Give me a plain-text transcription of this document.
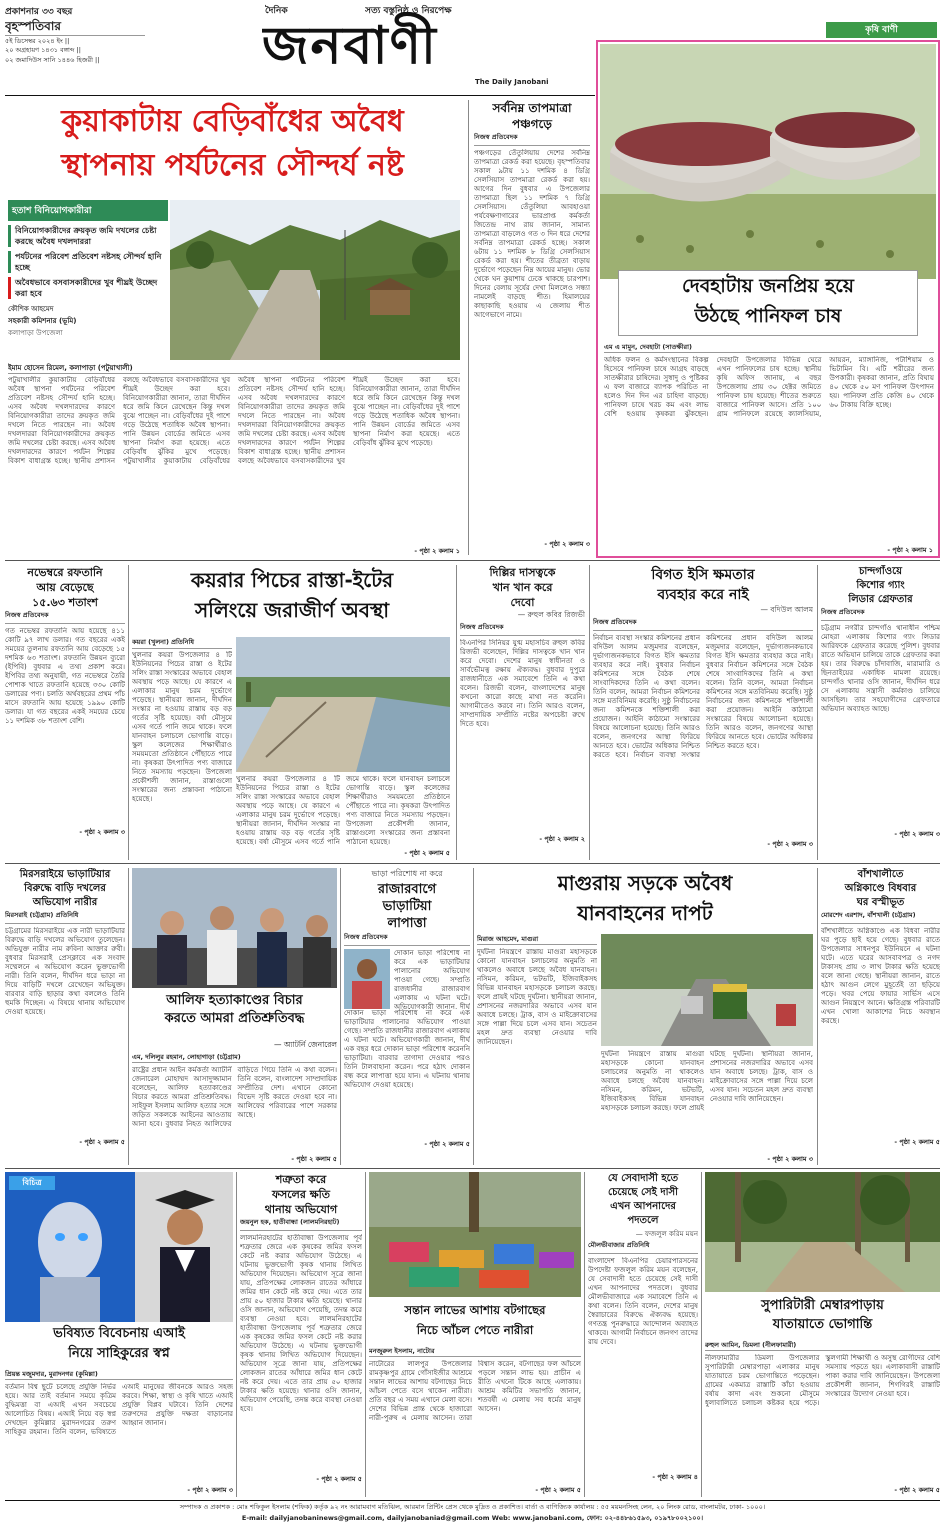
প্রকাশনার ৩৩ বছর
বৃহস্পতিবার
৫ই ডিসেম্বর ২০২৪ ইং ||
২০ অগ্রহায়ণ ১৪৩১ বঙ্গাব্দ ||
০২ জমাদিউস সানি ১৪৪৬ হিজরী ||
দৈনিক	সত্য বস্তুনিষ্ঠ ও নিরপেক্ষ
জনবাণী
The Daily Janobani
কৃষি বাণী
কুয়াকাটায় বেড়িবাঁধের অবৈধ
স্থাপনায় পর্যটনের সৌন্দর্য নষ্ট
হতাশ বিনিয়োগকারীরা
বিনিয়োগকারীদের ক্রয়কৃত জমি দখলের চেষ্টা করছে অবৈধ দখলদাররা
পর্যটনের পরিবেশ প্রতিবেশ নষ্টসহ সৌন্দর্য হানি হচ্ছে
অবৈধভাবে বসবাসকারীদের খুব শীঘ্রই উচ্ছেদ করা হবে
কৌশিক আহমেদ
সহকারী কমিশনার (ভূমি)
কলাপাড়া উপজেলা
ইমাম হোসেন রিমেল, কলাপাড়া (পটুয়াখালী)
পটুয়াখালীর কুয়াকাটায় বেড়িবাঁধের অবৈধ স্থাপনা পর্যটনের পরিবেশ প্রতিবেশ নষ্টসহ সৌন্দর্য হানি হচ্ছে। এসব অবৈধ দখলদারদের কারণে বিনিয়োগকারীরা তাদের ক্রয়কৃত জমি দখলে নিতে পারছেন না। অবৈধ দখলদাররা বিনিয়োগকারীদের ক্রয়কৃত জমি দখলের চেষ্টা করছে। এসব অবৈধ দখলদারদের কারণে পর্যটন শিল্পের বিকাশ বাধাগ্রস্ত হচ্ছে। স্থানীয় প্রশাসন বলছে অবৈধভাবে বসবাসকারীদের খুব শীঘ্রই উচ্ছেদ করা হবে। বিনিয়োগকারীরা জানান, তারা দীর্ঘদিন ধরে জমি কিনে রেখেছেন কিন্তু দখল বুঝে পাচ্ছেন না। বেড়িবাঁধের দুই পাশে গড়ে উঠেছে শতাধিক অবৈধ স্থাপনা। পানি উন্নয়ন বোর্ডের জমিতে এসব স্থাপনা নির্মাণ করা হয়েছে। এতে বেড়িবাঁধ ঝুঁকির মুখে পড়েছে। পটুয়াখালীর কুয়াকাটায় বেড়িবাঁধের অবৈধ স্থাপনা পর্যটনের পরিবেশ প্রতিবেশ নষ্টসহ সৌন্দর্য হানি হচ্ছে। এসব অবৈধ দখলদারদের কারণে বিনিয়োগকারীরা তাদের ক্রয়কৃত জমি দখলে নিতে পারছেন না। অবৈধ দখলদাররা বিনিয়োগকারীদের ক্রয়কৃত জমি দখলের চেষ্টা করছে। এসব অবৈধ দখলদারদের কারণে পর্যটন শিল্পের বিকাশ বাধাগ্রস্ত হচ্ছে। স্থানীয় প্রশাসন বলছে অবৈধভাবে বসবাসকারীদের খুব শীঘ্রই উচ্ছেদ করা হবে। বিনিয়োগকারীরা জানান, তারা দীর্ঘদিন ধরে জমি কিনে রেখেছেন কিন্তু দখল বুঝে পাচ্ছেন না। বেড়িবাঁধের দুই পাশে গড়ে উঠেছে শতাধিক অবৈধ স্থাপনা। পানি উন্নয়ন বোর্ডের জমিতে এসব স্থাপনা নির্মাণ করা হয়েছে। এতে বেড়িবাঁধ ঝুঁকির মুখে পড়েছে।
- পৃষ্ঠা ২ কলাম ১
সর্বনিম্ন তাপমাত্রা
পঞ্চগড়ে
নিজস্ব প্রতিবেদক
পঞ্চগড়ের তেঁতুলিয়ায় দেশের সর্বনিম্ন তাপমাত্রা রেকর্ড করা হয়েছে। বৃহস্পতিবার সকাল ৯টায় ১১ দশমিক ৪ ডিগ্রি সেলসিয়াস তাপমাত্রা রেকর্ড করা হয়। আগের দিন বুধবার এ উপজেলার তাপমাত্রা ছিল ১১ দশমিক ৭ ডিগ্রি সেলসিয়াস। তেঁতুলিয়া আবহাওয়া পর্যবেক্ষণাগারের ভারপ্রাপ্ত কর্মকর্তা জিতেন্দ্র নাথ রায় জানান, সামান্য তাপমাত্রা বাড়লেও গত ৩ দিন ধরে দেশের সর্বনিম্ন তাপমাত্রা রেকর্ড হচ্ছে। সকাল ৬টায় ১১ দশমিক ৮ ডিগ্রি সেলসিয়াস রেকর্ড করা হয়। শীতের তীব্রতা বাড়ায় দুর্ভোগে পড়েছেন নিম্ন আয়ের মানুষ। ভোর থেকে ঘন কুয়াশায় ঢেকে থাকছে চারপাশ। দিনের বেলায় সূর্যের দেখা মিললেও সন্ধ্যা নামলেই বাড়ছে শীত। হিমালয়ের কাছাকাছি হওয়ায় এ জেলায় শীত আগেভাগে নামে।
- পৃষ্ঠা ২ কলাম ৩
দেবহাটায় জনপ্রিয় হয়ে
উঠছে পানিফল চাষ
এম এ মামুন, দেবহাটা (সাতক্ষীরা)
অধিক ফলন ও কর্মসংস্থানের বিকল্প হিসেবে পানিফল চাষে আগ্রহ বাড়ছে সাতক্ষীরার চাষিদের। সুস্বাদু ও পুষ্টিকর এ ফল বাজারে ব্যাপক পরিচিত না হলেও দিন দিন এর চাহিদা বাড়ছে। পানিফল চাষে খরচ কম এবং লাভ বেশি হওয়ায় কৃষকরা ঝুঁকছেন। দেবহাটা উপজেলার বিভিন্ন ঘেরে এখন পানিফলের চাষ হচ্ছে। স্থানীয় কৃষি অফিস জানায়, এ বছর উপজেলায় প্রায় ৩০ হেক্টর জমিতে পানিফল চাষ হয়েছে। শীতের শুরুতে বাজারে পানিফল আসে। প্রতি ১০০ গ্রাম পানিফলে রয়েছে ক্যালসিয়াম, আয়রন, ম্যাঙ্গানিজ, পটাশিয়াম ও ভিটামিন বি। এটি শরীরের জন্য উপকারী। কৃষকরা জানান, প্রতি বিঘায় ৪০ থেকে ৫০ মণ পানিফল উৎপাদন হয়। পানিফল প্রতি কেজি ৪০ থেকে ৬০ টাকায় বিক্রি হচ্ছে।
- পৃষ্ঠা ২ কলাম ১
নভেম্বরে রফতানি
আয় বেড়েছে
১৫.৬৩ শতাংশ
নিজস্ব প্রতিবেদক
গত নভেম্বর রফতানি আয় হয়েছে ৪১১ কোটি ৯৭ লাখ ডলার। গত বছরের একই সময়ের তুলনায় রফতানি আয় বেড়েছে ১৫ দশমিক ৬৩ শতাংশ। রফতানি উন্নয়ন ব্যুরো (ইপিবি) বুধবার এ তথ্য প্রকাশ করে। ইপিবির তথ্য অনুযায়ী, গত নভেম্বরে তৈরি পোশাক খাতে রফতানি হয়েছে ৩৩০ কোটি ডলারের পণ্য। চলতি অর্থবছরের প্রথম পাঁচ মাসে রফতানি আয় হয়েছে ১৯৯০ কোটি ডলার। যা গত বছরের একই সময়ের চেয়ে ১১ দশমিক ৩৮ শতাংশ বেশি।
- পৃষ্ঠা ২ কলাম ৩
কয়রার পিচের রাস্তা-ইটের
সলিংয়ে জরাজীর্ণ অবস্থা
কয়রা (খুলনা) প্রতিনিধি
খুলনার কয়রা উপজেলার ৪ টি ইউনিয়নের পিচের রাস্তা ও ইটের সলিং রাস্তা সংস্কারের অভাবে বেহাল অবস্থায় পড়ে আছে। যে কারণে এ এলাকার মানুষ চরম দুর্ভোগে পড়েছে। স্থানীয়রা জানান, দীর্ঘদিন সংস্কার না হওয়ায় রাস্তায় বড় বড় গর্তের সৃষ্টি হয়েছে। বর্ষা মৌসুমে এসব গর্তে পানি জমে থাকে। ফলে যানবাহন চলাচলে ভোগান্তি বাড়ে। স্কুল কলেজের শিক্ষার্থীরাও সময়মতো প্রতিষ্ঠানে পৌঁছাতে পারে না। কৃষকরা উৎপাদিত পণ্য বাজারে নিতে সমস্যায় পড়ছেন। উপজেলা প্রকৌশলী জানান, রাস্তাগুলো সংস্কারের জন্য প্রস্তাবনা পাঠানো হয়েছে।
খুলনার কয়রা উপজেলার ৪ টি ইউনিয়নের পিচের রাস্তা ও ইটের সলিং রাস্তা সংস্কারের অভাবে বেহাল অবস্থায় পড়ে আছে। যে কারণে এ এলাকার মানুষ চরম দুর্ভোগে পড়েছে। স্থানীয়রা জানান, দীর্ঘদিন সংস্কার না হওয়ায় রাস্তায় বড় বড় গর্তের সৃষ্টি হয়েছে। বর্ষা মৌসুমে এসব গর্তে পানি জমে থাকে। ফলে যানবাহন চলাচলে ভোগান্তি বাড়ে। স্কুল কলেজের শিক্ষার্থীরাও সময়মতো প্রতিষ্ঠানে পৌঁছাতে পারে না। কৃষকরা উৎপাদিত পণ্য বাজারে নিতে সমস্যায় পড়ছেন। উপজেলা প্রকৌশলী জানান, রাস্তাগুলো সংস্কারের জন্য প্রস্তাবনা পাঠানো হয়েছে।
- পৃষ্ঠা ২ কলাম ৫
দিল্লির দাসত্বকে
খান খান করে
দেবো
— রুহুল কবির রিজভী
নিজস্ব প্রতিবেদক
বিএনপির সিনিয়র যুগ্ম মহাসচিব রুহুল কবির রিজভী বলেছেন, দিল্লির দাসত্বকে খান খান করে দেবো। দেশের মানুষ স্বাধীনতা ও সার্বভৌমত্ব রক্ষায় ঐক্যবদ্ধ। বুধবার দুপুরে রাজধানীতে এক সমাবেশে তিনি এ কথা বলেন। রিজভী বলেন, বাংলাদেশের মানুষ কখনো কারো কাছে মাথা নত করেনি। আগামীতেও করবে না। তিনি আরও বলেন, সাম্প্রদায়িক সম্প্রীতি নষ্টের অপচেষ্টা রুখে দিতে হবে।
- পৃষ্ঠা ২ কলাম ২
বিগত ইসি ক্ষমতার
ব্যবহার করে নাই
— বদিউল আলম
নিজস্ব প্রতিবেদক
নির্বাচন ব্যবস্থা সংস্কার কমিশনের প্রধান বদিউল আলম মজুমদার বলেছেন, দুর্ভাগ্যজনকভাবে বিগত ইসি ক্ষমতার ব্যবহার করে নাই। বুধবার নির্বাচন কমিশনের সঙ্গে বৈঠক শেষে সাংবাদিকদের তিনি এ কথা বলেন। তিনি বলেন, আমরা নির্বাচন কমিশনের সঙ্গে মতবিনিময় করেছি। সুষ্ঠু নির্বাচনের জন্য কমিশনকে শক্তিশালী করা প্রয়োজন। আইনি কাঠামো সংস্কারের বিষয়ে আলোচনা হয়েছে। তিনি আরও বলেন, জনগণের আস্থা ফিরিয়ে আনতে হবে। ভোটের অধিকার নিশ্চিত করতে হবে। নির্বাচন ব্যবস্থা সংস্কার কমিশনের প্রধান বদিউল আলম মজুমদার বলেছেন, দুর্ভাগ্যজনকভাবে বিগত ইসি ক্ষমতার ব্যবহার করে নাই। বুধবার নির্বাচন কমিশনের সঙ্গে বৈঠক শেষে সাংবাদিকদের তিনি এ কথা বলেন। তিনি বলেন, আমরা নির্বাচন কমিশনের সঙ্গে মতবিনিময় করেছি। সুষ্ঠু নির্বাচনের জন্য কমিশনকে শক্তিশালী করা প্রয়োজন। আইনি কাঠামো সংস্কারের বিষয়ে আলোচনা হয়েছে। তিনি আরও বলেন, জনগণের আস্থা ফিরিয়ে আনতে হবে। ভোটের অধিকার নিশ্চিত করতে হবে।
- পৃষ্ঠা ২ কলাম ৩
চান্দগাঁওয়ে
কিশোর গ্যাং
লিডার গ্রেফতার
নিজস্ব প্রতিবেদক
চট্টগ্রাম নগরীর চান্দগাঁও থানাধীন পশ্চিম মোহরা এলাকায় কিশোর গ্যাং লিডার আরিফকে গ্রেফতার করেছে পুলিশ। বুধবার রাতে অভিযান চালিয়ে তাকে গ্রেফতার করা হয়। তার বিরুদ্ধে চাঁদাবাজি, মারামারি ও ছিনতাইয়ের একাধিক মামলা রয়েছে। চান্দগাঁও থানার ওসি জানান, দীর্ঘদিন ধরে সে এলাকায় সন্ত্রাসী কর্মকাণ্ড চালিয়ে আসছিল। তার সহযোগীদের গ্রেফতারে অভিযান অব্যাহত আছে।
- পৃষ্ঠা ২ কলাম ৩
মিরসরাইয়ে ভাড়াটিয়ার
বিরুদ্ধে বাড়ি দখলের
অভিযোগ নারীর
মিরসরাই (চট্টগ্রাম) প্রতিনিধি
চট্টগ্রামের মিরসরাইয়ে এক নারী ভাড়াটিয়ার বিরুদ্ধে বাড়ি দখলের অভিযোগ তুলেছেন। অভিযুক্ত নারীর নাম রুবিনা আক্তার রুবী। বুধবার মিরসরাই প্রেসক্লাবে এক সংবাদ সম্মেলনে এ অভিযোগ করেন ভুক্তভোগী নারী। তিনি বলেন, দীর্ঘদিন ধরে ভাড়া না দিয়ে বাড়িটি দখলে রেখেছেন অভিযুক্ত। বারবার বাড়ি ছাড়ার কথা বললেও তিনি হুমকি দিচ্ছেন। এ বিষয়ে থানায় অভিযোগ দেওয়া হয়েছে।
- পৃষ্ঠা ২ কলাম ৫
আলিফ হত্যাকাণ্ডের বিচার
করতে আমরা প্রতিশ্রুতিবদ্ধ
— অ্যাটর্নি জেনারেল
এম, দলিলুর রহমান, লোহাগাড়া (চট্টগ্রাম)
রাষ্ট্রের প্রধান আইন কর্মকর্তা অ্যাটর্নি জেনারেল মোহাম্মদ আসাদুজ্জামান বলেছেন, আলিফ হত্যাকাণ্ডের বিচার করতে আমরা প্রতিশ্রুতিবদ্ধ। সাইফুল ইসলাম আলিফ হত্যার সঙ্গে জড়িত সকলকে আইনের আওতায় আনা হবে। বুধবার নিহত আলিফের বাড়িতে গিয়ে তিনি এ কথা বলেন। তিনি বলেন, বাংলাদেশ সাম্প্রদায়িক সম্প্রীতির দেশ। এখানে কোনো বিভেদ সৃষ্টি করতে দেওয়া হবে না। আলিফের পরিবারের পাশে সরকার আছে।
- পৃষ্ঠা ২ কলাম ৫
ভাড়া পরিশোধ না করে
রাজারবাগে
ভাড়াটিয়া
লাপাত্তা
নিজস্ব প্রতিবেদক
দোকান ভাড়া পরিশোধ না করে এক ভাড়াটিয়ার পালানোর অভিযোগ পাওয়া গেছে। সম্প্রতি রাজধানীর রাজারবাগ এলাকায় এ ঘটনা ঘটে। অভিযোগকারী জানান, দীর্ঘ
দোকান ভাড়া পরিশোধ না করে এক ভাড়াটিয়ার পালানোর অভিযোগ পাওয়া গেছে। সম্প্রতি রাজধানীর রাজারবাগ এলাকায় এ ঘটনা ঘটে। অভিযোগকারী জানান, দীর্ঘ এক বছর ধরে দোকান ভাড়া পরিশোধ করেননি ভাড়াটিয়া। বারবার তাগাদা দেওয়ার পরও তিনি টালবাহানা করেন। পরে হঠাৎ দোকান বন্ধ করে লাপাত্তা হয়ে যান। এ ঘটনায় থানায় অভিযোগ দেওয়া হয়েছে।
- পৃষ্ঠা ২ কলাম ৫
মাগুরায় সড়কে অবৈধ
যানবাহনের দাপট
মিরাজ আহমেদ, মাগুরা
দুর্ঘটনা নিয়ন্ত্রণে রাস্তায় মাগুরা মহাসড়কে কোনো যানবাহন চলাচলের অনুমতি না থাকলেও অবাধে চলছে অবৈধ যানবাহন। নসিমন, করিমন, ভটভটি, ইজিবাইকসহ বিভিন্ন যানবাহন মহাসড়কে চলাচল করছে। ফলে প্রায়ই ঘটছে দুর্ঘটনা। স্থানীয়রা জানান, প্রশাসনের নজরদারির অভাবে এসব যান অবাধে চলছে। ট্রাক, বাস ও মাইক্রোবাসের সঙ্গে পাল্লা দিয়ে চলে এসব যান। সচেতন মহল দ্রুত ব্যবস্থা নেওয়ার দাবি জানিয়েছেন।
দুর্ঘটনা নিয়ন্ত্রণে রাস্তায় মাগুরা মহাসড়কে কোনো যানবাহন চলাচলের অনুমতি না থাকলেও অবাধে চলছে অবৈধ যানবাহন। নসিমন, করিমন, ভটভটি, ইজিবাইকসহ বিভিন্ন যানবাহন মহাসড়কে চলাচল করছে। ফলে প্রায়ই ঘটছে দুর্ঘটনা। স্থানীয়রা জানান, প্রশাসনের নজরদারির অভাবে এসব যান অবাধে চলছে। ট্রাক, বাস ও মাইক্রোবাসের সঙ্গে পাল্লা দিয়ে চলে এসব যান। সচেতন মহল দ্রুত ব্যবস্থা নেওয়ার দাবি জানিয়েছেন।
- পৃষ্ঠা ২ কলাম ৩
বাঁশখালীতে
অগ্নিকাণ্ডে বিধবার
ঘর বস্মীভূত
মোরশেদ এরশাদ, বাঁশখালী (চট্টগ্রাম)
বাঁশখালীতে অগ্নিকাণ্ডে এক বিধবা নারীর ঘর পুড়ে ছাই হয়ে গেছে। বুধবার রাতে উপজেলার সাধনপুর ইউনিয়নে এ ঘটনা ঘটে। এতে ঘরের আসবাবপত্র ও নগদ টাকাসহ প্রায় ৩ লাখ টাকার ক্ষতি হয়েছে বলে জানা গেছে। স্থানীয়রা জানান, রাতে হঠাৎ আগুন লেগে মুহূর্তেই তা ছড়িয়ে পড়ে। খবর পেয়ে ফায়ার সার্ভিস এসে আগুন নিয়ন্ত্রণে আনে। ক্ষতিগ্রস্ত পরিবারটি এখন খোলা আকাশের নিচে অবস্থান করছে।
- পৃষ্ঠা ২ কলাম ৫
বিচিত্র
ভবিষ্যত বিবেচনায় এআই
নিয়ে সাহিকুরের স্বপ্ন
প্রিয়ন্ত মজুমদার, মুরাদনগর (কুমিল্লা)
বর্তমান বিশ্ব ছুটে চলেছে প্রযুক্তি নির্ভর হয়ে। আর তাই বর্তমান সময়ে কৃত্রিম বুদ্ধিমত্তা বা এআই এখন সবচেয়ে আলোচিত বিষয়। এআই নিয়ে বড় স্বপ্ন দেখছেন কুমিল্লার মুরাদনগরের তরুণ সাহিকুর রহমান। তিনি বলেন, ভবিষ্যতে এআই মানুষের জীবনকে আরও সহজ করবে। শিক্ষা, স্বাস্থ্য ও কৃষি খাতে এআই প্রযুক্তি বিপ্লব ঘটাবে। তিনি দেশের তরুণদের প্রযুক্তি দক্ষতা বাড়ানোর আহ্বান জানান।
- পৃষ্ঠা ২ কলাম ৩
শত্রুতা করে
ফসলের ক্ষতি
থানায় অভিযোগ
জয়নুল হক, হাতীবান্ধা (লালমনিরহাট)
লালমনিরহাটের হাতীবান্ধা উপজেলায় পূর্ব শত্রুতার জেরে এক কৃষকের জমির ফসল কেটে নষ্ট করার অভিযোগ উঠেছে। এ ঘটনায় ভুক্তভোগী কৃষক থানায় লিখিত অভিযোগ দিয়েছেন। অভিযোগ সূত্রে জানা যায়, প্রতিপক্ষের লোকজন রাতের আঁধারে জমির ধান কেটে নষ্ট করে দেয়। এতে তার প্রায় ৫০ হাজার টাকার ক্ষতি হয়েছে। থানার ওসি জানান, অভিযোগ পেয়েছি, তদন্ত করে ব্যবস্থা নেওয়া হবে। লালমনিরহাটের হাতীবান্ধা উপজেলায় পূর্ব শত্রুতার জেরে এক কৃষকের জমির ফসল কেটে নষ্ট করার অভিযোগ উঠেছে। এ ঘটনায় ভুক্তভোগী কৃষক থানায় লিখিত অভিযোগ দিয়েছেন। অভিযোগ সূত্রে জানা যায়, প্রতিপক্ষের লোকজন রাতের আঁধারে জমির ধান কেটে নষ্ট করে দেয়। এতে তার প্রায় ৫০ হাজার টাকার ক্ষতি হয়েছে। থানার ওসি জানান, অভিযোগ পেয়েছি, তদন্ত করে ব্যবস্থা নেওয়া হবে।
- পৃষ্ঠা ২ কলাম ৫
সন্তান লাভের আশায় বটগাছের
নিচে আঁচল পেতে নারীরা
মনজুরুল ইসলাম, নাটোর
নাটোরের লালপুর উপজেলার রামকৃষ্ণপুর গ্রামে গোঁসাইজীর আশ্রমে সন্তান লাভের আশায় বটগাছের নিচে আঁচল পেতে বসে থাকেন নারীরা। প্রতি বছর এ সময় এখানে মেলা বসে। দেশের বিভিন্ন প্রান্ত থেকে হাজারো নারী-পুরুষ এ মেলায় আসেন। তারা বিশ্বাস করেন, বটগাছের ফল আঁচলে পড়লে সন্তান লাভ হয়। প্রাচীন এ রীতি এখনো টিকে আছে এলাকায়। আশ্রম কমিটির সভাপতি জানান, শতবর্ষী এ মেলায় সব ধর্মের মানুষ আসেন।
- পৃষ্ঠা ২ কলাম ৫
যে সেবাদাসী হতে
চেয়েছে সেই দাসী
এখন আপনাদের
পদতলে
— ফজলুল করিম ময়ন
মৌলভীবাজার প্রতিনিধি
বাংলাদেশ বিএনপির চেয়ারপারসনের উপদেষ্টা ফজলুল করিম ময়ন বলেছেন, যে সেবাদাসী হতে চেয়েছে সেই দাসী এখন আপনাদের পদতলে। বুধবার মৌলভীবাজারে এক সমাবেশে তিনি এ কথা বলেন। তিনি বলেন, দেশের মানুষ স্বৈরাচারের বিরুদ্ধে ঐক্যবদ্ধ হয়েছে। গণতন্ত্র পুনরুদ্ধারে আন্দোলন অব্যাহত থাকবে। আগামী নির্বাচনে জনগণ তাদের রায় দেবে।
- পৃষ্ঠা ২ কলাম ৪
সুপারিটারী মেম্বারপাড়ায়
যাতায়াতে ভোগান্তি
রুহুল আমিন, ডিমলা (নীলফামারী)
নীলফামারীর ডিমলা উপজেলার সুপারিটারী মেম্বারপাড়া এলাকার মানুষ যাতায়াতে চরম ভোগান্তিতে পড়েছেন। গ্রামের একমাত্র রাস্তাটি কাঁচা হওয়ায় বর্ষায় কাদা এবং শুকনো মৌসুমে ধুলাবালিতে চলাচল কষ্টকর হয়ে পড়ে। স্কুলগামী শিক্ষার্থী ও অসুস্থ রোগীদের বেশি সমস্যায় পড়তে হয়। এলাকাবাসী রাস্তাটি পাকা করার দাবি জানিয়েছেন। উপজেলা প্রকৌশলী জানান, শিগগিরই রাস্তাটি সংস্কারের উদ্যোগ নেওয়া হবে।
- পৃষ্ঠা ২ কলাম ৫
সম্পাদক ও প্রকাশক : মোঃ শফিকুল ইসলাম (শফিক) কর্তৃক ৯২ নং আরামবাগ মতিঝিল, আরমান প্রিন্টিং প্রেস থেকে মুদ্রিত ও প্রকাশিত। বার্তা ও বাণিজ্যিক কার্যালয় : ৫৫ ময়মনসিংহ লেন, ২০ লিংক রোড, বাংলামটর, ঢাকা- ১০০০।
E-mail: dailyjanobaninews@gmail.com, dailyjanobaniad@gmail.com Web: www.janobani.com, ফোন: ০২-৪৪৮৬১৫৯৩, ০১৯৭৮০০২১০০।
